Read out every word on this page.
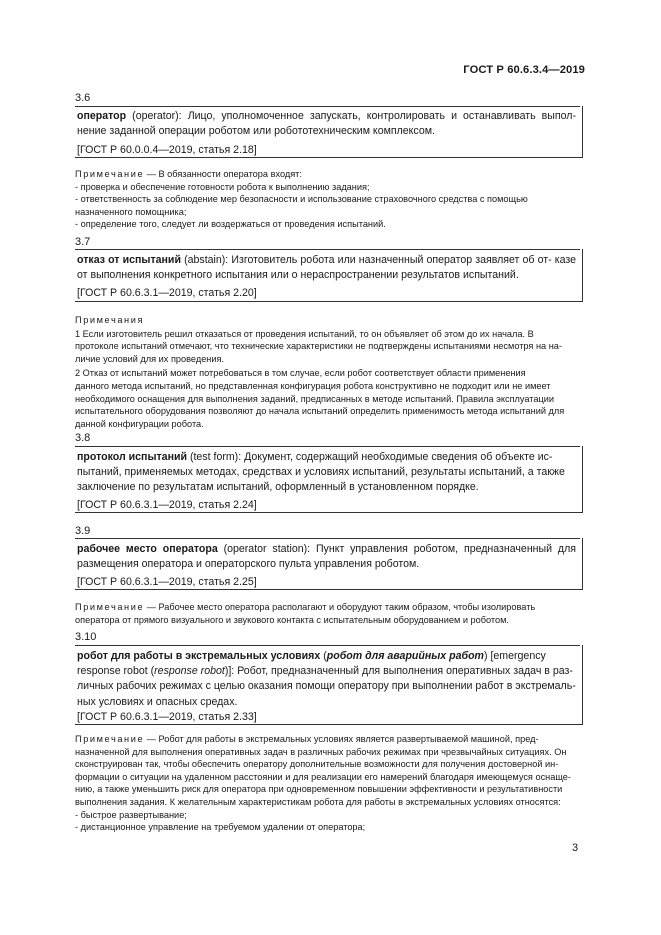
ГОСТ Р 60.6.3.4—2019
3.6
оператор (operator): Лицо, уполномоченное запускать, контролировать и останавливать выпол- нение заданной операции роботом или робототехническим комплексом.
[ГОСТ Р 60.0.0.4—2019, статья 2.18]

Примечание — В обязанности оператора входят:

- проверка и обеспечение готовности робота к выполнению задания;

- ответственность за соблюдение мер безопасности и использование страховочного средства с помощью

назначенного помощника;

- определение того, следует ли воздержаться от проведения испытаний.

3.7
отказ от испытаний (abstain): Изготовитель робота или назначенный оператор заявляет об от- казе от выполнения конкретного испытания или о нераспространении результатов испытаний.
[ГОСТ Р 60.6.3.1—2019, статья 2.20]

Примечания

1 Если изготовитель решил отказаться от проведения испытаний, то он объявляет об этом до их начала. В

протоколе испытаний отмечают, что технические характеристики не подтверждены испытаниями несмотря на на-

личие условий для их проведения.

2 Отказ от испытаний может потребоваться в том случае, если робот соответствует области применения

данного метода испытаний, но представленная конфигурация робота конструктивно не подходит или не имеет

необходимого оснащения для выполнения заданий, предписанных в методе испытаний. Правила эксплуатации

испытательного оборудования позволяют до начала испытаний определить применимость метода испытаний для

данной конфигурации робота.

3.8
протокол испытаний (test form): Документ, содержащий необходимые сведения об объекте ис-
пытаний, применяемых методах, средствах и условиях испытаний, результаты испытаний, а также
заключение по результатам испытаний, оформленный в установленном порядке.
[ГОСТ Р 60.6.3.1—2019, статья 2.24]
3.9
рабочее место оператора (operator station): Пункт управления роботом, предназначенный для размещения оператора и операторского пульта управления роботом.
[ГОСТ Р 60.6.3.1—2019, статья 2.25]

Примечание — Рабочее место оператора располагают и оборудуют таким образом, чтобы изолировать

оператора от прямого визуального и звукового контакта с испытательным оборудованием и роботом.

3.10
робот для работы в экстремальных условиях (робот для аварийных работ) [emergency
response robot (response robot)]: Робот, предназначенный для выполнения оперативных задач в раз-
личных рабочих режимах с целью оказания помощи оператору при выполнении работ в экстремаль-
ных условиях и опасных средах.
[ГОСТ Р 60.6.3.1—2019, статья 2.33]

Примечание — Робот для работы в экстремальных условиях является развертываемой машиной, пред-

назначенной для выполнения оперативных задач в различных рабочих режимах при чрезвычайных ситуациях. Он

сконструирован так, чтобы обеспечить оператору дополнительные возможности для получения достоверной ин-

формации о ситуации на удаленном расстоянии и для реализации его намерений благодаря имеющемуся оснаще-

нию, а также уменьшить риск для оператора при одновременном повышении эффективности и результативности

выполнения задания. К желательным характеристикам робота для работы в экстремальных условиях относятся:

- быстрое развертывание;

- дистанционное управление на требуемом удалении от оператора;

3
